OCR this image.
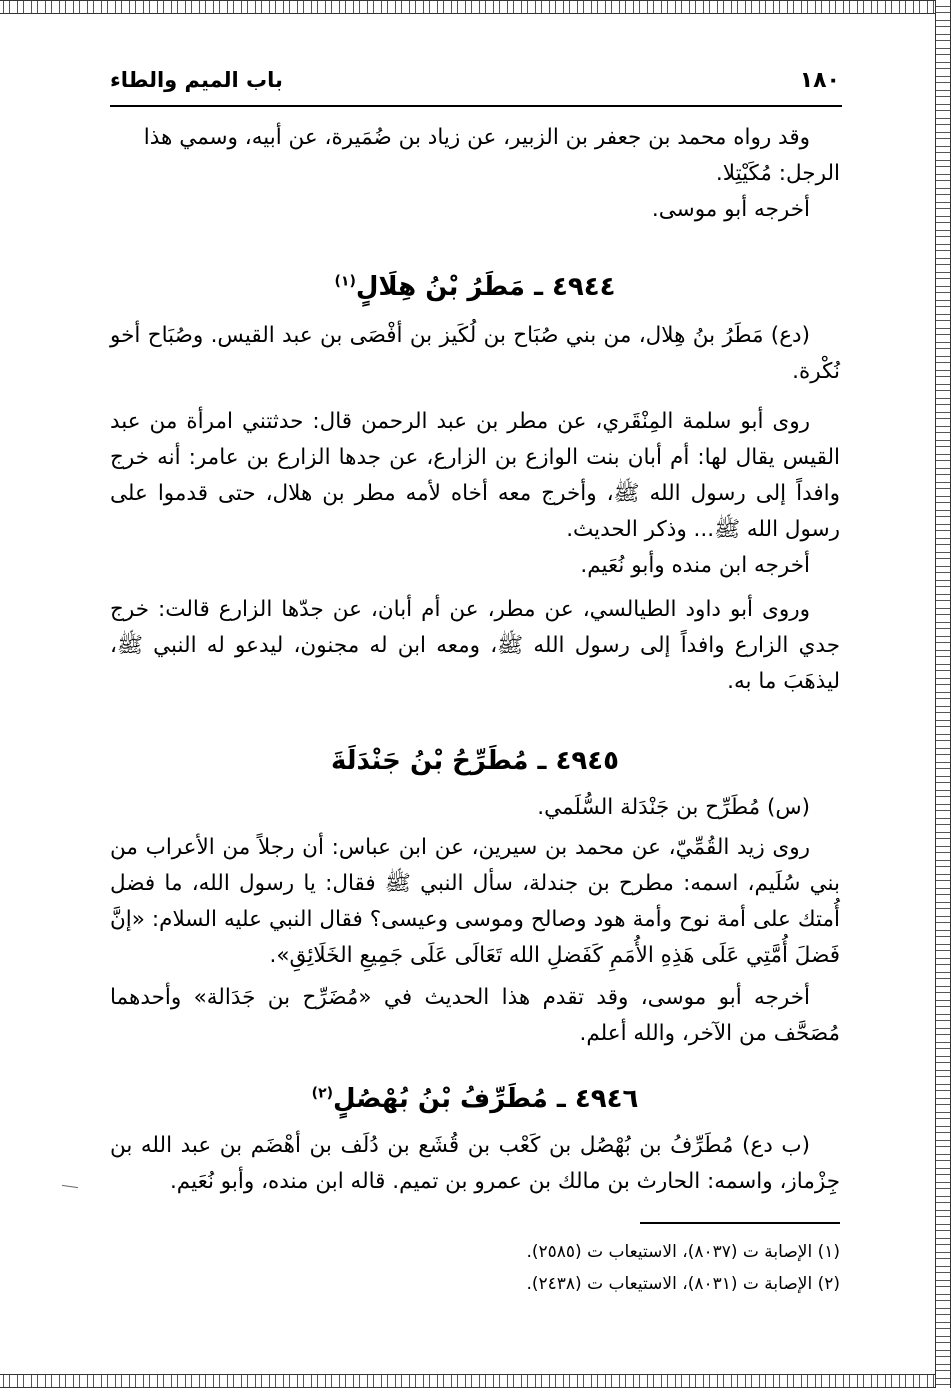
١٨٠
باب الميم والطاء

وقد رواه محمد بن جعفر بن الزبير، عن زياد بن ضُمَيرة، عن أبيه، وسمي هذا

الرجل: مُكَيْتِلا.

أخرجه أبو موسى.

٤٩٤٤ ـ مَطَرُ بْنُ هِلَالٍ$^{(١)}$

(دع) مَطَرُ بنُ هِلال، من بني صُبَاح بن لُكَيز بن أفْصَى بن عبد القيس. وصُبَاح أخو نُكْرة.

روى أبو سلمة المِنْقَري، عن مطر بن عبد الرحمن قال: حدثتني امرأة من عبد القيس يقال لها: أم أبان بنت الوازع بن الزارع، عن جدها الزارع بن عامر: أنه خرج وافداً إلى رسول الله ﷺ، وأخرج معه أخاه لأمه مطر بن هلال، حتى قدموا على رسول الله ﷺ... وذكر الحديث.

أخرجه ابن منده وأبو نُعَيم.

وروى أبو داود الطيالسي، عن مطر، عن أم أبان، عن جدّها الزارع قالت: خرج جدي الزارع وافداً إلى رسول الله ﷺ، ومعه ابن له مجنون، ليدعو له النبي ﷺ، ليذهَبَ ما به.

٤٩٤٥ ـ مُطَرِّحُ بْنُ جَنْدَلَةَ

(س) مُطَرِّح بن جَنْدَلة السُّلَمي.

روى زيد القُمِّيّ، عن محمد بن سيرين، عن ابن عباس: أن رجلاً من الأعراب من بني سُلَيم، اسمه: مطرح بن جندلة، سأل النبي ﷺ فقال: يا رسول الله، ما فضل أُمتك على أمة نوح وأمة هود وصالح وموسى وعيسى؟ فقال النبي عليه السلام: «إنَّ فَضلَ أُمَّتِي عَلَى هَذِهِ الأُمَمِ كَفَضلِ الله تَعَالَى عَلَى جَمِيعِ الخَلَائِقِ».

أخرجه أبو موسى، وقد تقدم هذا الحديث في «مُضَرِّح بن جَدَالة» وأحدهما مُصَحَّف من الآخر، والله أعلم.

٤٩٤٦ ـ مُطَرِّفُ بْنُ بُهْصُلٍ$^{(٢)}$

(ب دع) مُطَرِّفُ بن بُهْصُل بن كَعْب بن قُشَع بن دُلَف بن أهْضَم بن عبد الله بن جِزْماز، واسمه: الحارث بن مالك بن عمرو بن تميم. قاله ابن منده، وأبو نُعَيم.

(١) الإصابة ت (٨٠٣٧)، الاستيعاب ت (٢٥٨٥).

(٢) الإصابة ت (٨٠٣١)، الاستيعاب ت (٢٤٣٨).
